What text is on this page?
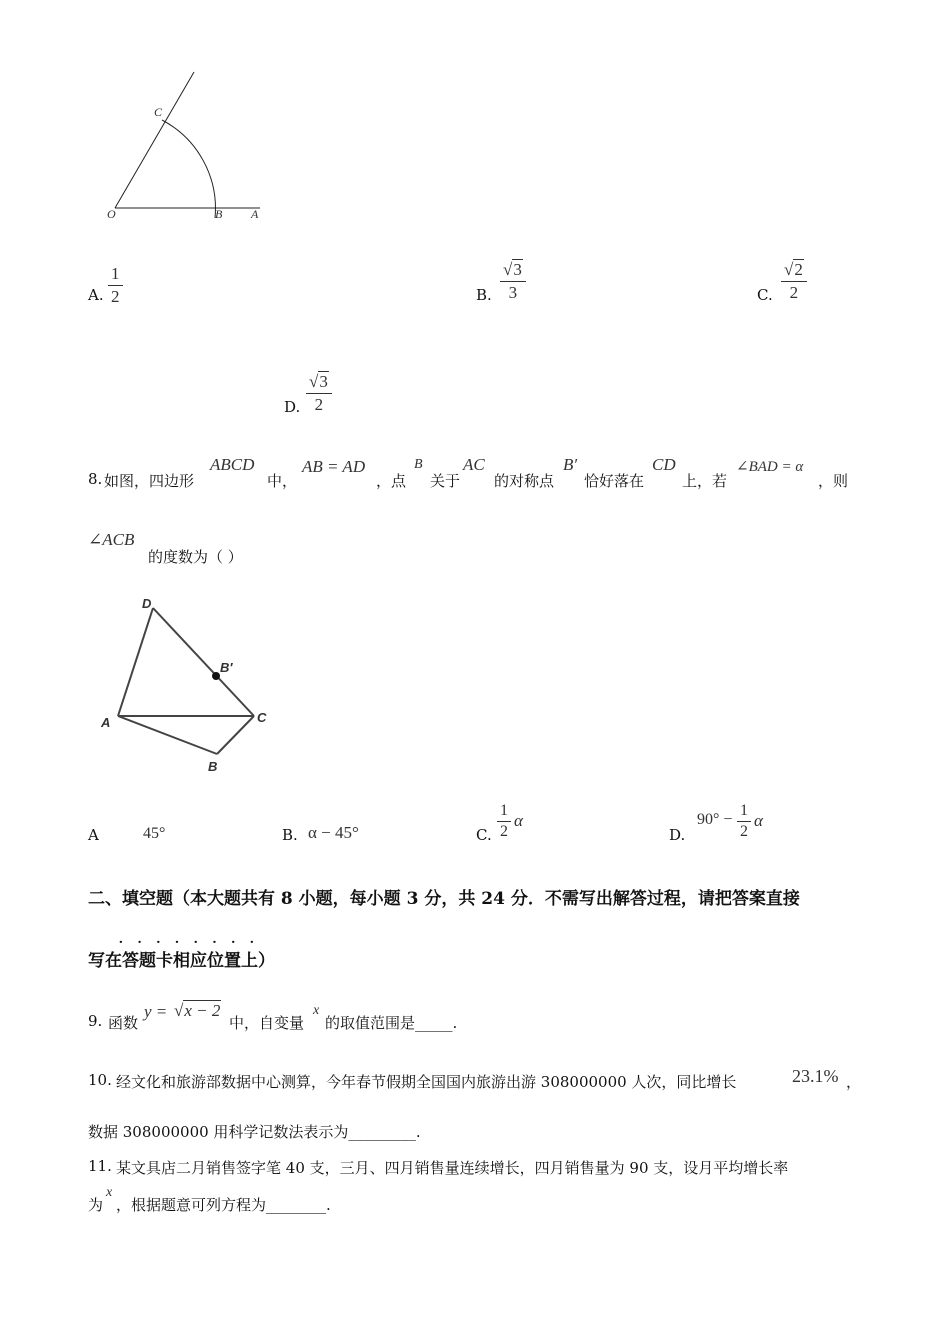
C
O	B A
A. $\frac{1}{2}$	B. $\frac{√3}{3}$	C. $\frac{√2}{2}$
D. $\frac{√3}{2}$
8. 如图，四边形
ABCD
中，
AB = AD
，点
B
关于
AC
的对称点
B′
恰好落在
CD
上，若
∠BAD = α
，则
∠ACB
的度数为（ ）
D
B′
A	C
B
A	45°	B. α − 45°	C. $\frac{1}{2}$ α
D.
$90^\circ - \frac{1}{2}$ α
二、填空题（本大题共有 8 小题，每小题 3 分，共 24 分．不需写出解答过程，请把答案直接
········
写在答题卡相应位置上）
9. 函数
y = √x − 2
中，自变量
x
的取值范围是_____.
10. 经文化和旅游部数据中心测算，今年春节假期全国国内旅游出游 308000000 人次，同比增长	23.1% ，
数据 308000000 用科学记数法表示为_________.
11. 某文具店二月销售签字笔 40 支，三月、四月销售量连续增长，四月销售量为 90 支，设月平均增长率
为
x
，根据题意可列方程为________.
